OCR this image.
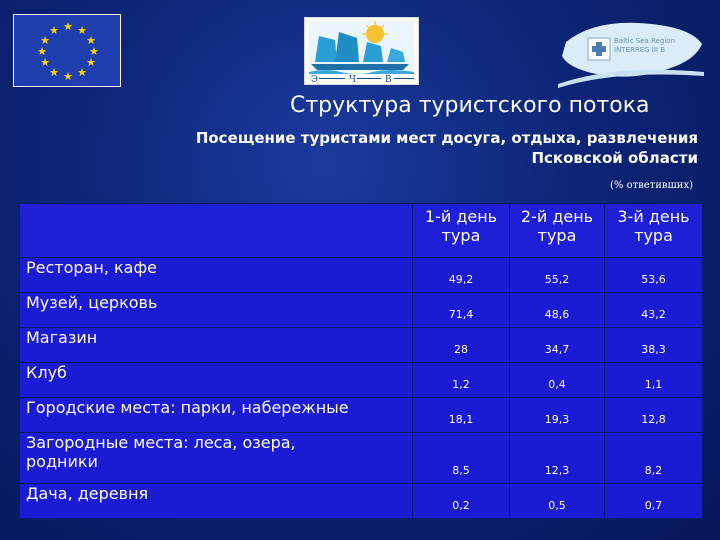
★ ★
★
★
★
★
★
★
★
★
★
★
Э	Ч	В
Baltic Sea Region
INTERREG III B
Структура туристского потока
Посещение туристами мест досуга, отдыха, развлечения
Псковской области
(% ответивших)
	1-й день тура	2-й день тура	3-й день тура
Ресторан, кафе	49,2	55,2	53,6
Музей, церковь	71,4	48,6	43,2
Магазин	28	34,7	38,3
Клуб	1,2	0,4	1,1
Городские места: парки, набережные	18,1	19,3	12,8
Загородные места: леса, озера, родники	8,5	12,3	8,2
Дача, деревня	0,2	0,5	0,7
